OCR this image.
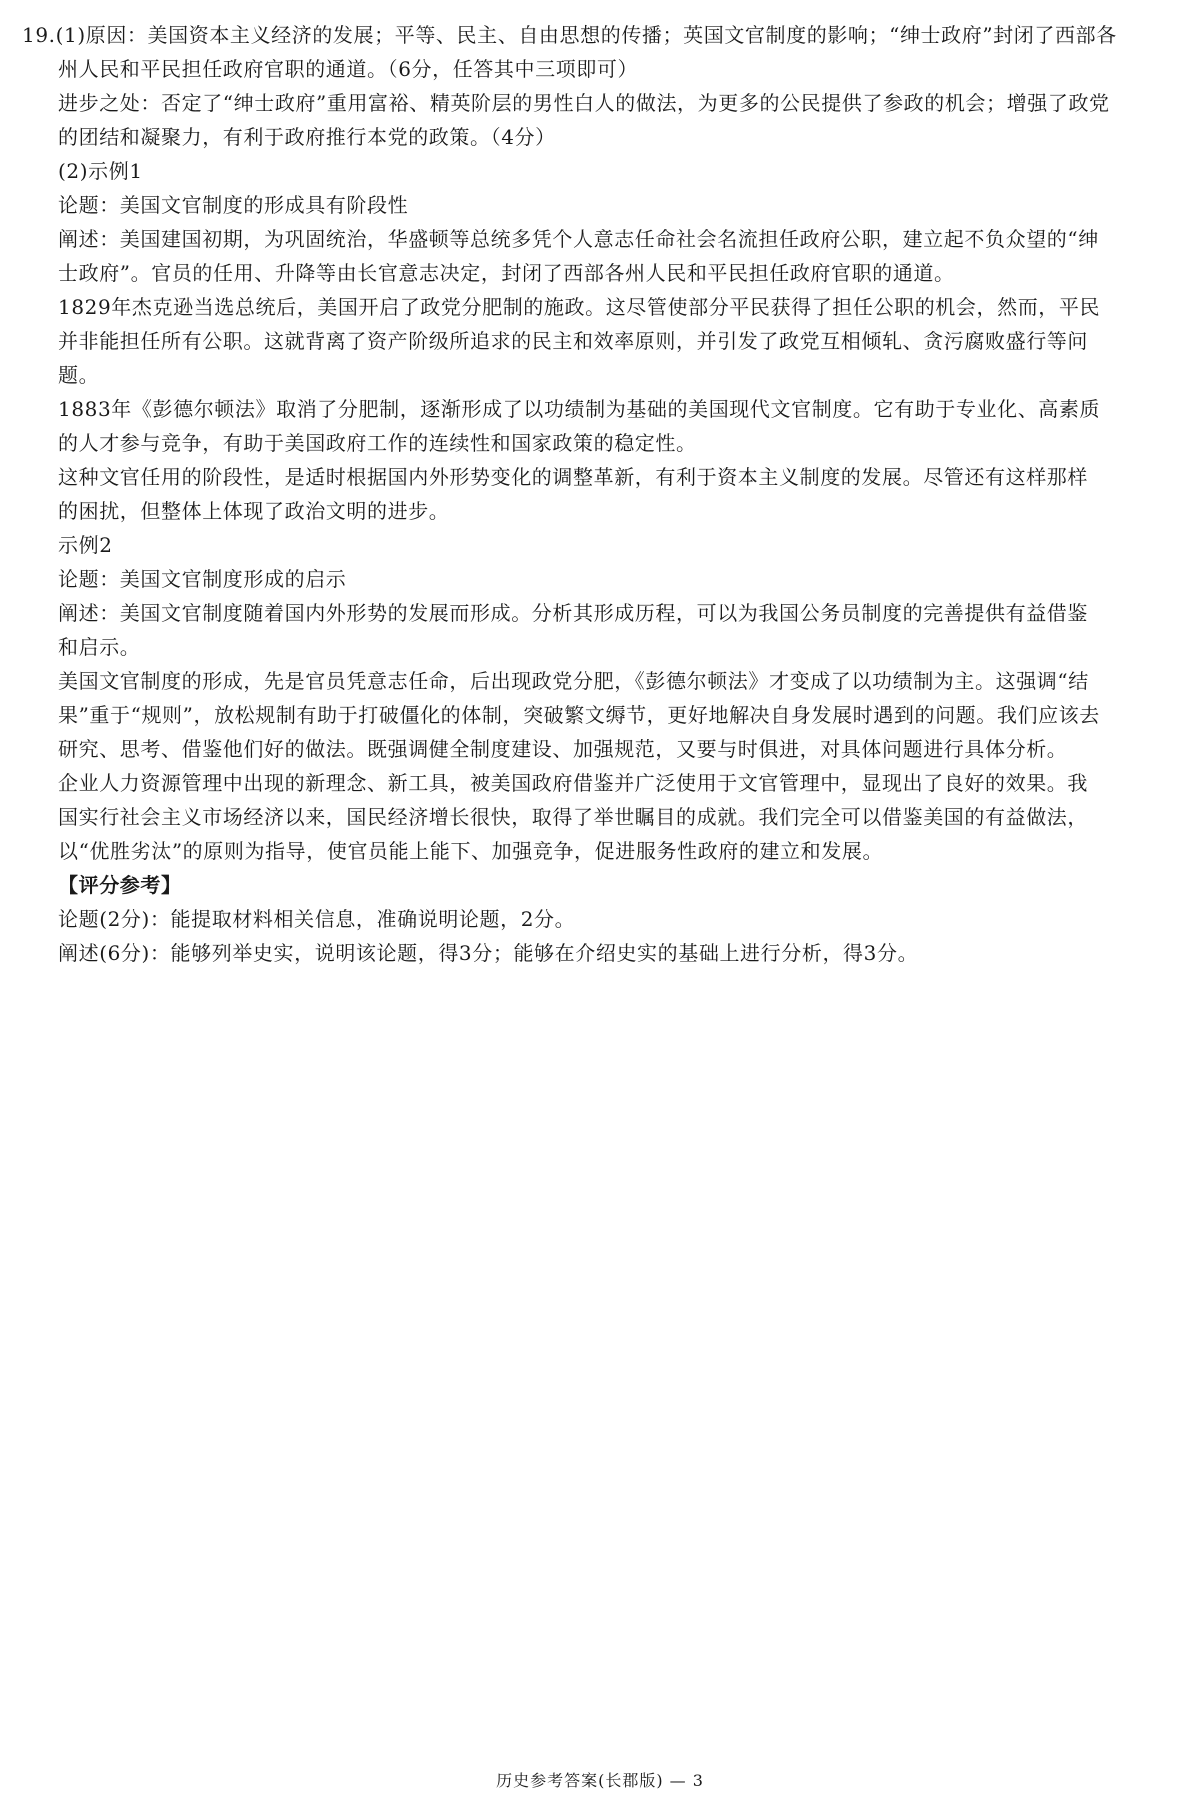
19.(1)原因：美国资本主义经济的发展；平等、民主、自由思想的传播；英国文官制度的影响；“绅士政府”封闭了西部各
州人民和平民担任政府官职的通道。（6分，任答其中三项即可）
进步之处：否定了“绅士政府”重用富裕、精英阶层的男性白人的做法，为更多的公民提供了参政的机会；增强了政党
的团结和凝聚力，有利于政府推行本党的政策。（4分）
(2)示例1
论题：美国文官制度的形成具有阶段性
阐述：美国建国初期，为巩固统治，华盛顿等总统多凭个人意志任命社会名流担任政府公职，建立起不负众望的“绅
士政府”。官员的任用、升降等由长官意志决定，封闭了西部各州人民和平民担任政府官职的通道。
1829年杰克逊当选总统后，美国开启了政党分肥制的施政。这尽管使部分平民获得了担任公职的机会，然而，平民
并非能担任所有公职。这就背离了资产阶级所追求的民主和效率原则，并引发了政党互相倾轧、贪污腐败盛行等问
题。
1883年《彭德尔顿法》取消了分肥制，逐渐形成了以功绩制为基础的美国现代文官制度。它有助于专业化、高素质
的人才参与竞争，有助于美国政府工作的连续性和国家政策的稳定性。
这种文官任用的阶段性，是适时根据国内外形势变化的调整革新，有利于资本主义制度的发展。尽管还有这样那样
的困扰，但整体上体现了政治文明的进步。
示例2
论题：美国文官制度形成的启示
阐述：美国文官制度随着国内外形势的发展而形成。分析其形成历程，可以为我国公务员制度的完善提供有益借鉴
和启示。
美国文官制度的形成，先是官员凭意志任命，后出现政党分肥，《彭德尔顿法》才变成了以功绩制为主。这强调“结
果”重于“规则”，放松规制有助于打破僵化的体制，突破繁文缛节，更好地解决自身发展时遇到的问题。我们应该去
研究、思考、借鉴他们好的做法。既强调健全制度建设、加强规范，又要与时俱进，对具体问题进行具体分析。
企业人力资源管理中出现的新理念、新工具，被美国政府借鉴并广泛使用于文官管理中，显现出了良好的效果。我
国实行社会主义市场经济以来，国民经济增长很快，取得了举世瞩目的成就。我们完全可以借鉴美国的有益做法，
以“优胜劣汰”的原则为指导，使官员能上能下、加强竞争，促进服务性政府的建立和发展。
【评分参考】
论题(2分)：能提取材料相关信息，准确说明论题，2分。
阐述(6分)：能够列举史实，说明该论题，得3分；能够在介绍史实的基础上进行分析，得3分。
历史参考答案(长郡版) — 3
